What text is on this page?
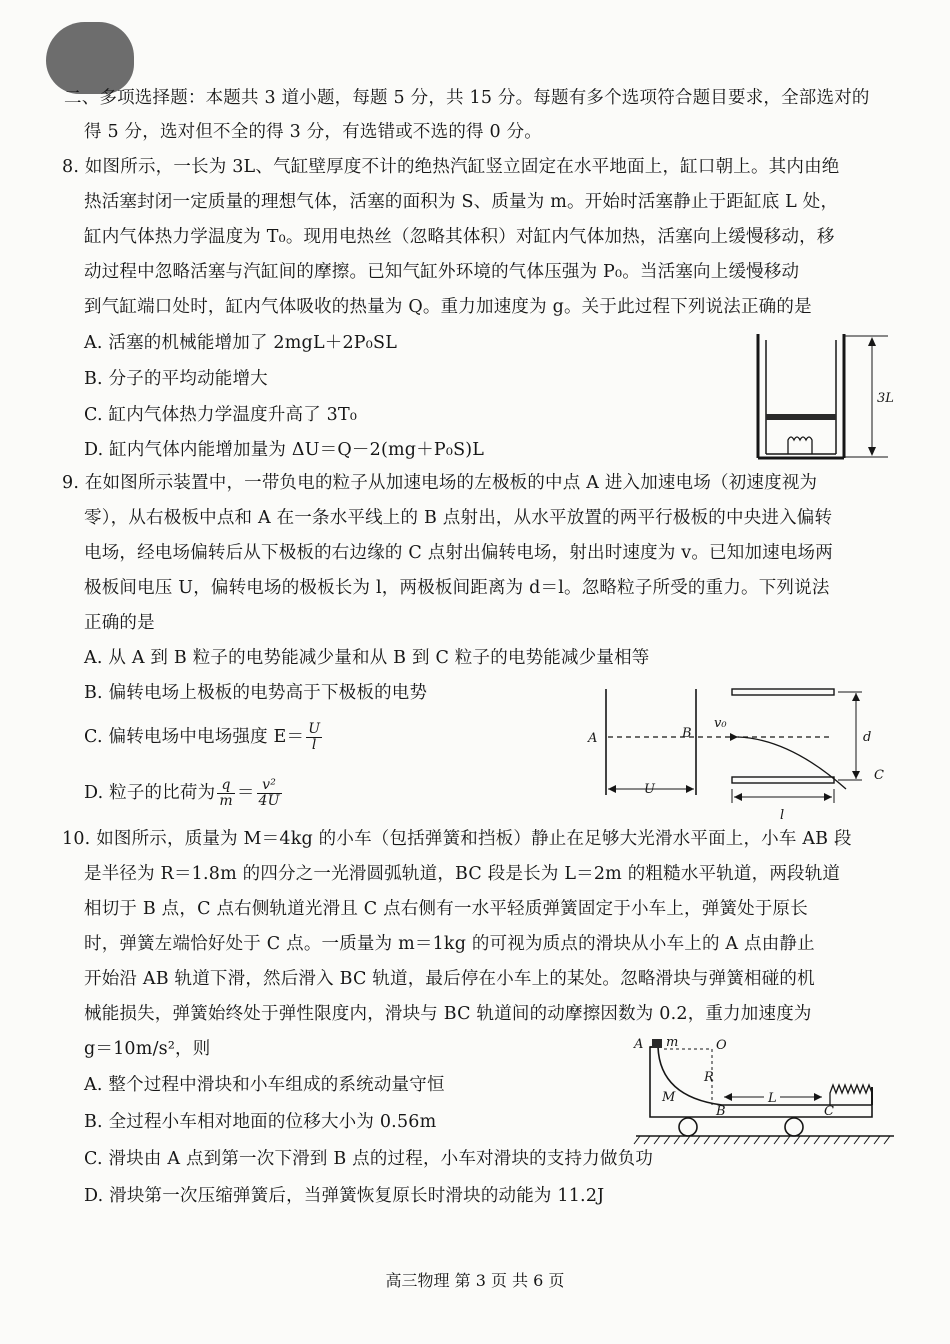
二、多项选择题：本题共 3 道小题，每题 5 分，共 15 分。每题有多个选项符合题目要求，全部选对的
得 5 分，选对但不全的得 3 分，有选错或不选的得 0 分。
8. 如图所示，一长为 3L、气缸壁厚度不计的绝热汽缸竖立固定在水平地面上，缸口朝上。其内由绝
热活塞封闭一定质量的理想气体，活塞的面积为 S、质量为 m。开始时活塞静止于距缸底 L 处，
缸内气体热力学温度为 T₀。现用电热丝（忽略其体积）对缸内气体加热，活塞向上缓慢移动，移
动过程中忽略活塞与汽缸间的摩擦。已知气缸外环境的气体压强为 P₀。当活塞向上缓慢移动
到气缸端口处时，缸内气体吸收的热量为 Q。重力加速度为 g。关于此过程下列说法正确的是
A. 活塞的机械能增加了 2mgL＋2P₀SL
B. 分子的平均动能增大
C. 缸内气体热力学温度升高了 3T₀
D. 缸内气体内能增加量为 ΔU＝Q－2(mg＋P₀S)L
3L
9. 在如图所示装置中，一带负电的粒子从加速电场的左极板的中点 A 进入加速电场（初速度视为
零），从右极板中点和 A 在一条水平线上的 B 点射出，从水平放置的两平行极板的中央进入偏转
电场，经电场偏转后从下极板的右边缘的 C 点射出偏转电场，射出时速度为 v。已知加速电场两
极板间电压 U，偏转电场的极板长为 l，两极板间距离为 d＝l。忽略粒子所受的重力。下列说法
正确的是
A. 从 A 到 B 粒子的电势能减少量和从 B 到 C 粒子的电势能减少量相等
B. 偏转电场上极板的电势高于下极板的电势
C. 偏转电场中电场强度 $E= \frac{U}{l}$
D. 粒子的比荷为 $\frac{q}{m} = \frac{\text{v²}}{4U}$
A	B
v₀
C
d
U
l
10. 如图所示，质量为 M＝4kg 的小车（包括弹簧和挡板）静止在足够大光滑水平面上，小车 AB 段
是半径为 R＝1.8m 的四分之一光滑圆弧轨道，BC 段是长为 L＝2m 的粗糙水平轨道，两段轨道
相切于 B 点，C 点右侧轨道光滑且 C 点右侧有一水平轻质弹簧固定于小车上，弹簧处于原长
时，弹簧左端恰好处于 C 点。一质量为 m＝1kg 的可视为质点的滑块从小车上的 A 点由静止
开始沿 AB 轨道下滑，然后滑入 BC 轨道，最后停在小车上的某处。忽略滑块与弹簧相碰的机
械能损失，弹簧始终处于弹性限度内，滑块与 BC 轨道间的动摩擦因数为 0.2，重力加速度为
g＝10m/s²，则
A. 整个过程中滑块和小车组成的系统动量守恒
B. 全过程小车相对地面的位移大小为 0.56m
C. 滑块由 A 点到第一次下滑到 B 点的过程，小车对滑块的支持力做负功
D. 滑块第一次压缩弹簧后，当弹簧恢复原长时滑块的动能为 11.2J
A m	O
R
M
B
L
C
高三物理 第 3 页 共 6 页
